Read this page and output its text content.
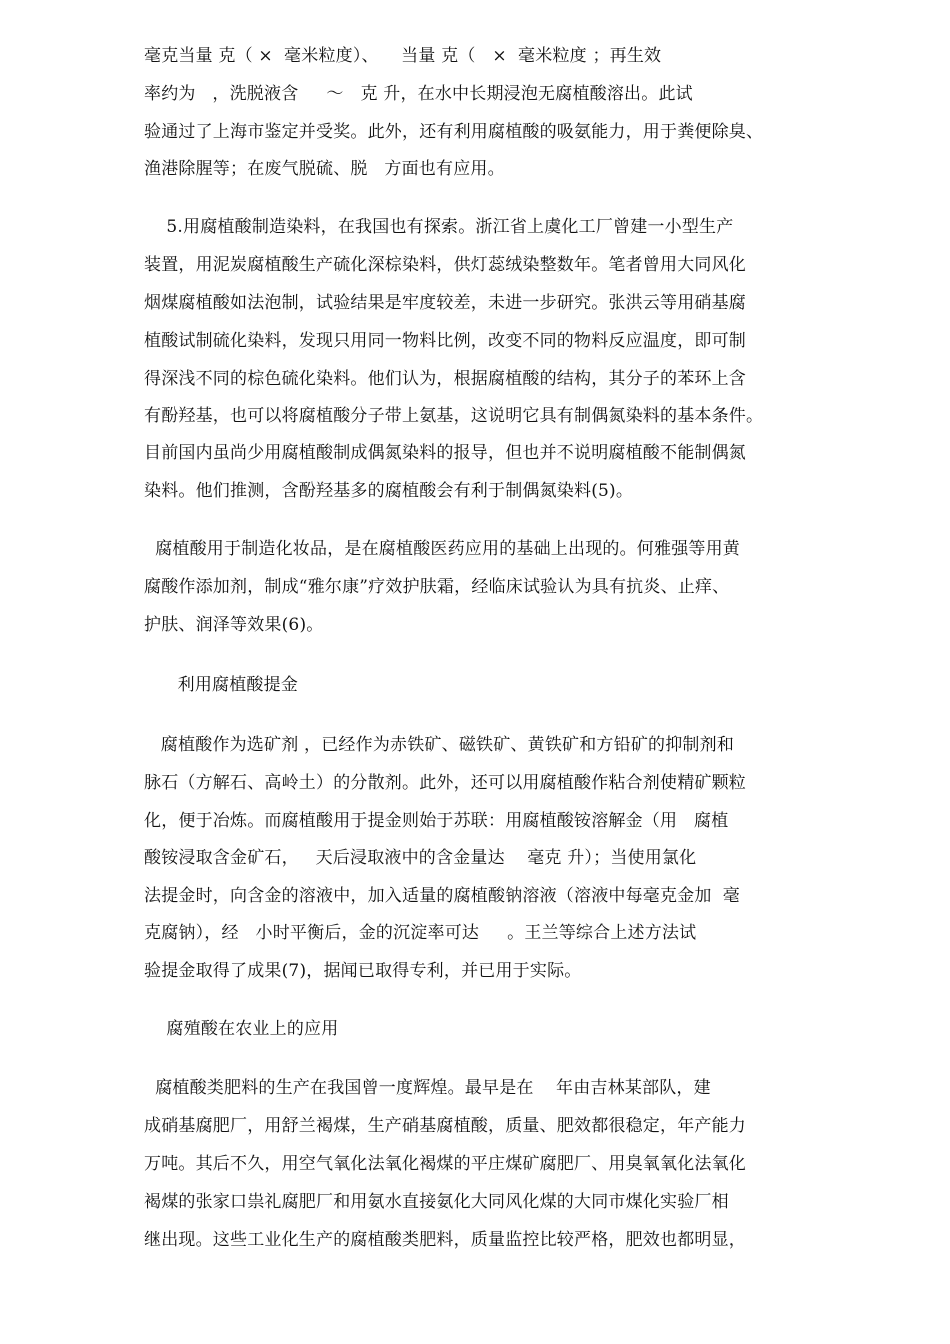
毫克当量 克（ ×  毫米粒度）、    当量 克（   ×  毫米粒度 ；再生效
率约为   ，洗脱液含     ～   克 升，在水中长期浸泡无腐植酸溶出。此试
验通过了上海市鉴定并受奖。此外，还有利用腐植酸的吸氨能力，用于粪便除臭、
渔港除腥等；在废气脱硫、脱   方面也有应用。
5.用腐植酸制造染料，在我国也有探索。浙江省上虞化工厂曾建一小型生产
装置，用泥炭腐植酸生产硫化深棕染料，供灯蕊绒染整数年。笔者曾用大同风化
烟煤腐植酸如法泡制，试验结果是牢度较差，未进一步研究。张洪云等用硝基腐
植酸试制硫化染料，发现只用同一物料比例，改变不同的物料反应温度，即可制
得深浅不同的棕色硫化染料。他们认为，根据腐植酸的结构，其分子的苯环上含
有酚羟基，也可以将腐植酸分子带上氨基，这说明它具有制偶氮染料的基本条件。
目前国内虽尚少用腐植酸制成偶氮染料的报导，但也并不说明腐植酸不能制偶氮
染料。他们推测，含酚羟基多的腐植酸会有利于制偶氮染料(5)。
腐植酸用于制造化妆品，是在腐植酸医药应用的基础上出现的。何雅强等用黄
腐酸作添加剂，制成“雅尔康”疗效护肤霜，经临床试验认为具有抗炎、止痒、
护肤、润泽等效果(6)。
利用腐植酸提金
腐植酸作为选矿剂 ，已经作为赤铁矿、磁铁矿、黄铁矿和方铅矿的抑制剂和
脉石（方解石、高岭土）的分散剂。此外，还可以用腐植酸作粘合剂使精矿颗粒
化，便于冶炼。而腐植酸用于提金则始于苏联：用腐植酸铵溶解金（用   腐植
酸铵浸取含金矿石，   天后浸取液中的含金量达    毫克 升）；当使用氯化
法提金时，向含金的溶液中，加入适量的腐植酸钠溶液（溶液中每毫克金加  毫
克腐钠），经   小时平衡后，金的沉淀率可达     。王兰等综合上述方法试
验提金取得了成果(7)，据闻已取得专利，并已用于实际。
腐殖酸在农业上的应用
腐植酸类肥料的生产在我国曾一度辉煌。最早是在    年由吉林某部队，建
成硝基腐肥厂，用舒兰褐煤，生产硝基腐植酸，质量、肥效都很稳定，年产能力
万吨。其后不久，用空气氧化法氧化褐煤的平庄煤矿腐肥厂、用臭氧氧化法氧化
褐煤的张家口祟礼腐肥厂和用氨水直接氨化大同风化煤的大同市煤化实验厂相
继出现。这些工业化生产的腐植酸类肥料，质量监控比较严格，肥效也都明显，
